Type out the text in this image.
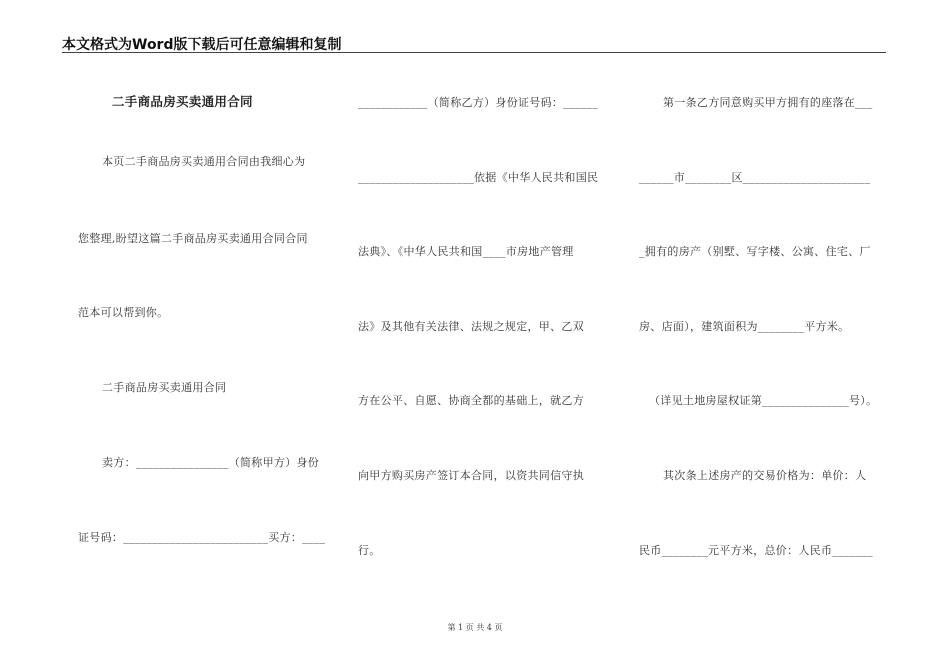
本文格式为Word版下载后可任意编辑和复制
二手商品房买卖通用合同
本页二手商品房买卖通用合同由我细心为
您整理,盼望这篇二手商品房买卖通用合同合同
范本可以帮到你。
二手商品房买卖通用合同
卖方：________________（简称甲方）身份
证号码：_________________________买方：____
____________（简称乙方）身份证号码：______
____________________依据《中华人民共和国民
法典》、《中华人民共和国____市房地产管理
法》及其他有关法律、法规之规定，甲、乙双
方在公平、自愿、协商全都的基础上，就乙方
向甲方购买房产签订本合同，以资共同信守执
行。
第一条乙方同意购买甲方拥有的座落在___
______市________区______________________
_拥有的房产（别墅、写字楼、公寓、住宅、厂
房、店面），建筑面积为________平方米。
（详见土地房屋权证第_______________号）。
其次条上述房产的交易价格为：单价：人
民币________元平方米，总价：人民币_______
第 1 页 共 4 页
